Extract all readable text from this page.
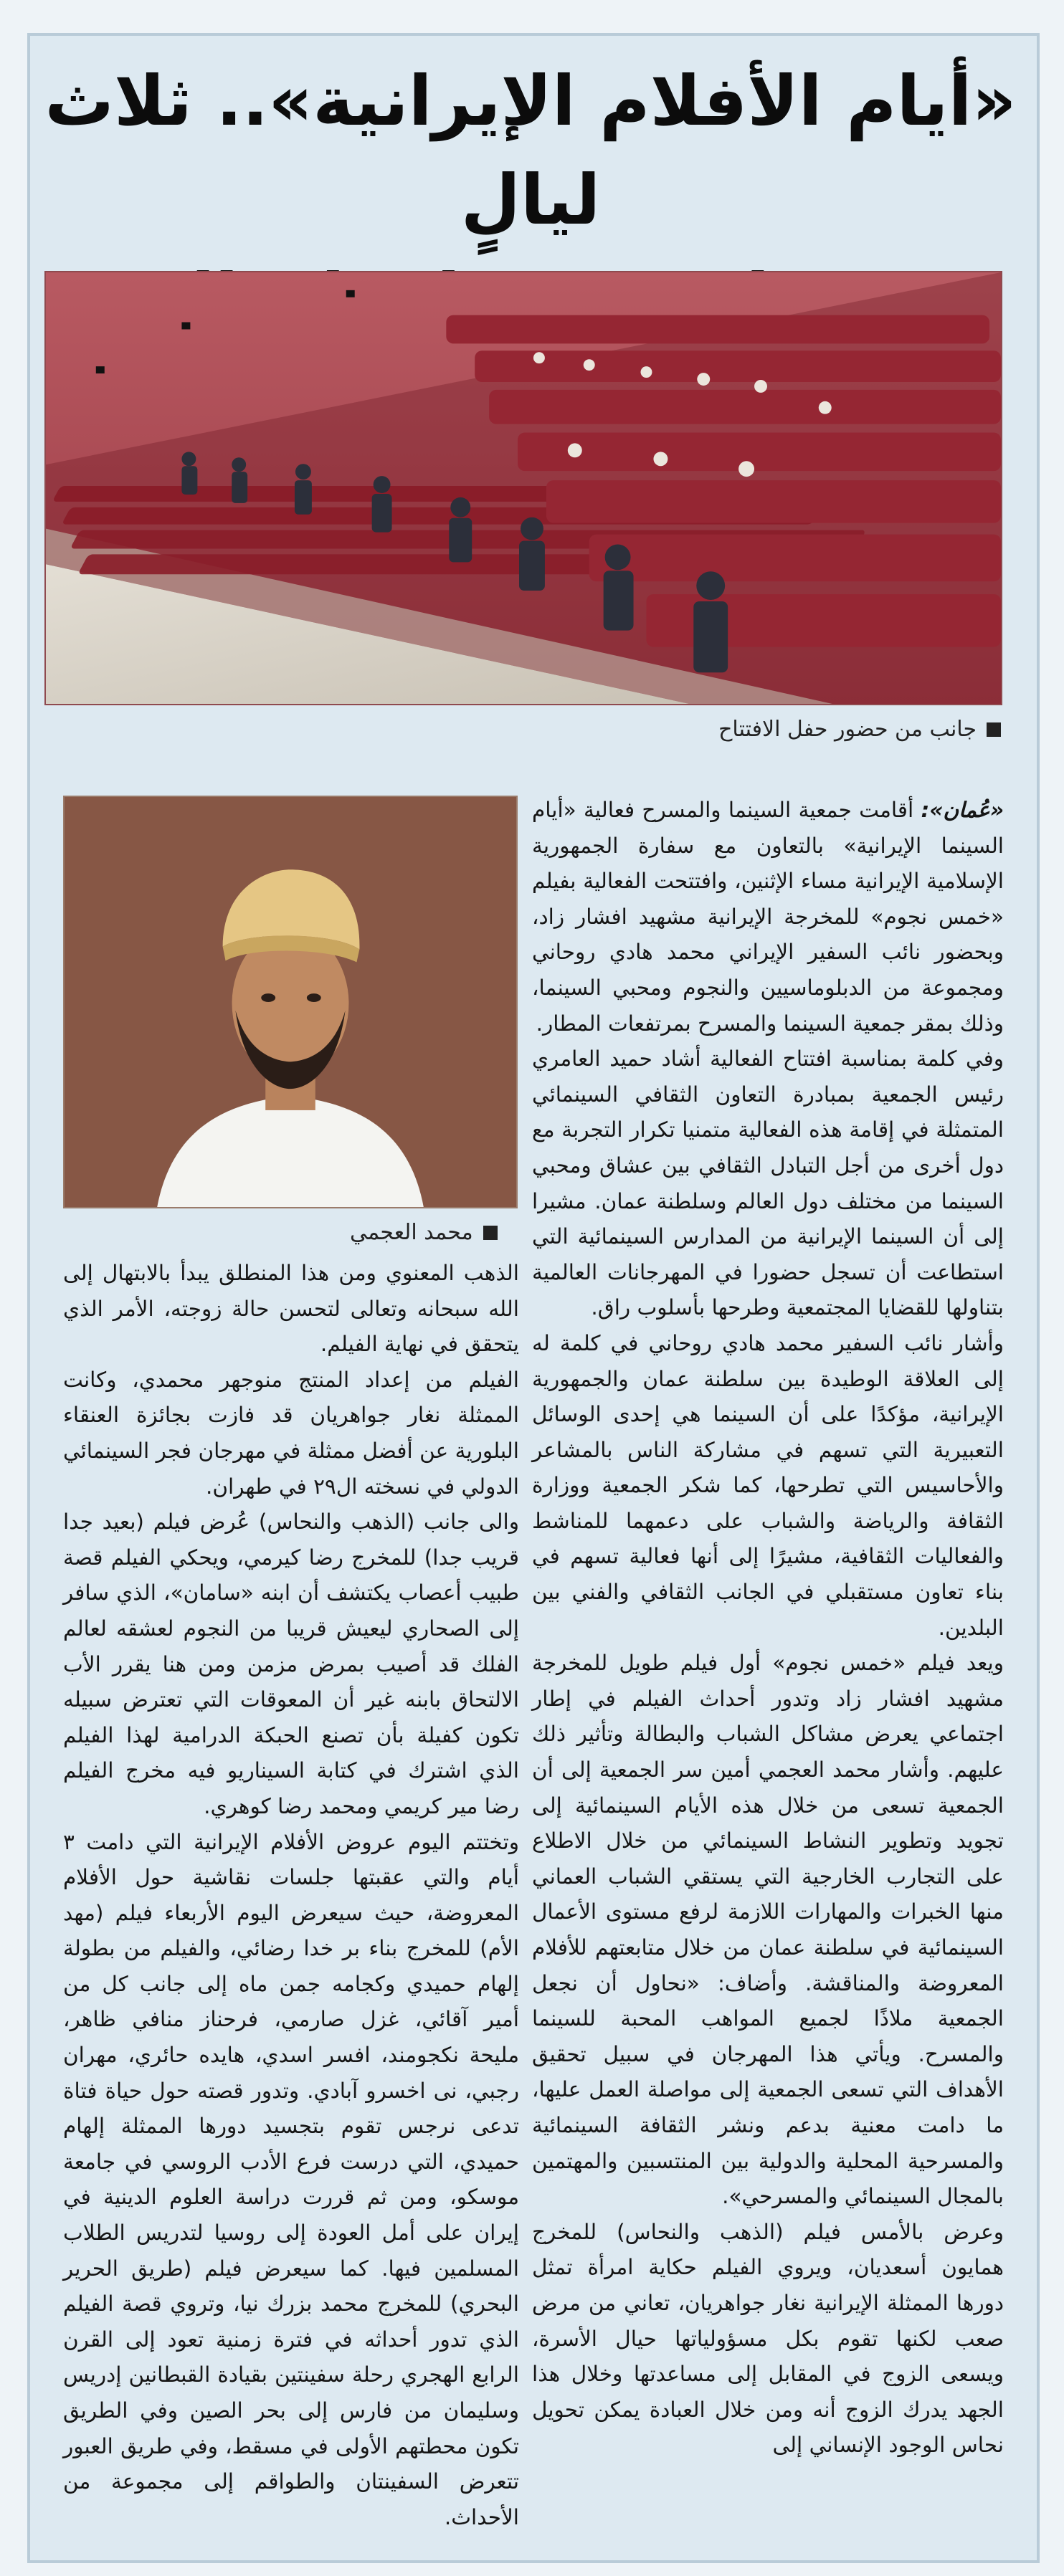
«أيام الأفلام الإيرانية».. ثلاث ليالٍ

جانب من حضور حفل الافتتاح
محمد العجمي

«عُمان»: أقامت جمعية السينما والمسرح فعالية «أيام السينما الإيرانية» بالتعاون مع سفارة الجمهورية الإسلامية الإيرانية مساء الإثنين، وافتتحت الفعالية بفيلم «خمس نجوم» للمخرجة الإيرانية مشهيد افشار زاد، وبحضور نائب السفير الإيراني محمد هادي روحاني ومجموعة من الدبلوماسيين والنجوم ومحبي السينما، وذلك بمقر جمعية السينما والمسرح بمرتفعات المطار.

وفي كلمة بمناسبة افتتاح الفعالية أشاد حميد العامري رئيس الجمعية بمبادرة التعاون الثقافي السينمائي المتمثلة في إقامة هذه الفعالية متمنيا تكرار التجربة مع دول أخرى من أجل التبادل الثقافي بين عشاق ومحبي السينما من مختلف دول العالم وسلطنة عمان. مشيرا إلى أن السينما الإيرانية من المدارس السينمائية التي استطاعت أن تسجل حضورا في المهرجانات العالمية بتناولها للقضايا المجتمعية وطرحها بأسلوب راق.

وأشار نائب السفير محمد هادي روحاني في كلمة له إلى العلاقة الوطيدة بين سلطنة عمان والجمهورية الإيرانية، مؤكدًا على أن السينما هي إحدى الوسائل التعبيرية التي تسهم في مشاركة الناس بالمشاعر والأحاسيس التي تطرحها، كما شكر الجمعية ووزارة الثقافة والرياضة والشباب على دعمهما للمناشط والفعاليات الثقافية، مشيرًا إلى أنها فعالية تسهم في بناء تعاون مستقبلي في الجانب الثقافي والفني بين البلدين.

ويعد فيلم «خمس نجوم» أول فيلم طويل للمخرجة مشهيد افشار زاد وتدور أحداث الفيلم في إطار اجتماعي يعرض مشاكل الشباب والبطالة وتأثير ذلك عليهم. وأشار محمد العجمي أمين سر الجمعية إلى أن الجمعية تسعى من خلال هذه الأيام السينمائية إلى تجويد وتطوير النشاط السينمائي من خلال الاطلاع على التجارب الخارجية التي يستقي الشباب العماني منها الخبرات والمهارات اللازمة لرفع مستوى الأعمال السينمائية في سلطنة عمان من خلال متابعتهم للأفلام المعروضة والمناقشة. وأضاف: «نحاول أن نجعل الجمعية ملاذًا لجميع المواهب المحبة للسينما والمسرح. ويأتي هذا المهرجان في سبيل تحقيق الأهداف التي تسعى الجمعية إلى مواصلة العمل عليها، ما دامت معنية بدعم ونشر الثقافة السينمائية والمسرحية المحلية والدولية بين المنتسبين والمهتمين بالمجال السينمائي والمسرحي».

وعرض بالأمس فيلم (الذهب والنحاس) للمخرج همايون أسعديان، ويروي الفيلم حكاية امرأة تمثل دورها الممثلة الإيرانية نغار جواهريان، تعاني من مرض صعب لكنها تقوم بكل مسؤولياتها حيال الأسرة، ويسعى الزوج في المقابل إلى مساعدتها وخلال هذا الجهد يدرك الزوج أنه ومن خلال العبادة يمكن تحويل نحاس الوجود الإنساني إلى

الذهب المعنوي ومن هذا المنطلق يبدأ بالابتهال إلى الله سبحانه وتعالى لتحسن حالة زوجته، الأمر الذي يتحقق في نهاية الفيلم.

الفيلم من إعداد المنتج منوجهر محمدي، وكانت الممثلة نغار جواهريان قد فازت بجائزة العنقاء البلورية عن أفضل ممثلة في مهرجان فجر السينمائي الدولي في نسخته ال٢٩ في طهران.

والى جانب (الذهب والنحاس) عُرض فيلم (بعيد جدا قريب جدا) للمخرج رضا كيرمي، ويحكي الفيلم قصة طبيب أعصاب يكتشف أن ابنه «سامان»، الذي سافر إلى الصحاري ليعيش قريبا من النجوم لعشقه لعالم الفلك قد أصيب بمرض مزمن ومن هنا يقرر الأب الالتحاق بابنه غير أن المعوقات التي تعترض سبيله تكون كفيلة بأن تصنع الحبكة الدرامية لهذا الفيلم الذي اشترك في كتابة السيناريو فيه مخرج الفيلم رضا مير كريمي ومحمد رضا كوهري.

وتختتم اليوم عروض الأفلام الإيرانية التي دامت ٣ أيام والتي عقبتها جلسات نقاشية حول الأفلام المعروضة، حيث سيعرض اليوم الأربعاء فيلم (مهد الأم) للمخرج بناء بر خدا رضائي، والفيلم من بطولة إلهام حميدي وكجامه جمن ماه إلى جانب كل من أمير آقائي، غزل صارمي، فرحناز منافي ظاهر، مليحة نكجومند، افسر اسدي، هايده حائري، مهران رجبي، نی اخسرو آبادي. وتدور قصته حول حياة فتاة تدعى نرجس تقوم بتجسيد دورها الممثلة إلهام حميدي، التي درست فرع الأدب الروسي في جامعة موسكو، ومن ثم قررت دراسة العلوم الدينية في إيران على أمل العودة إلى روسيا لتدريس الطلاب المسلمين فيها. كما سيعرض فيلم (طريق الحرير البحري) للمخرج محمد بزرك نيا، وتروي قصة الفيلم الذي تدور أحداثه في فترة زمنية تعود إلى القرن الرابع الهجري رحلة سفينتين بقيادة القبطانين إدريس وسليمان من فارس إلى بحر الصين وفي الطريق تكون محطتهم الأولى في مسقط، وفي طريق العبور تتعرض السفينتان والطواقم إلى مجموعة من الأحداث.
